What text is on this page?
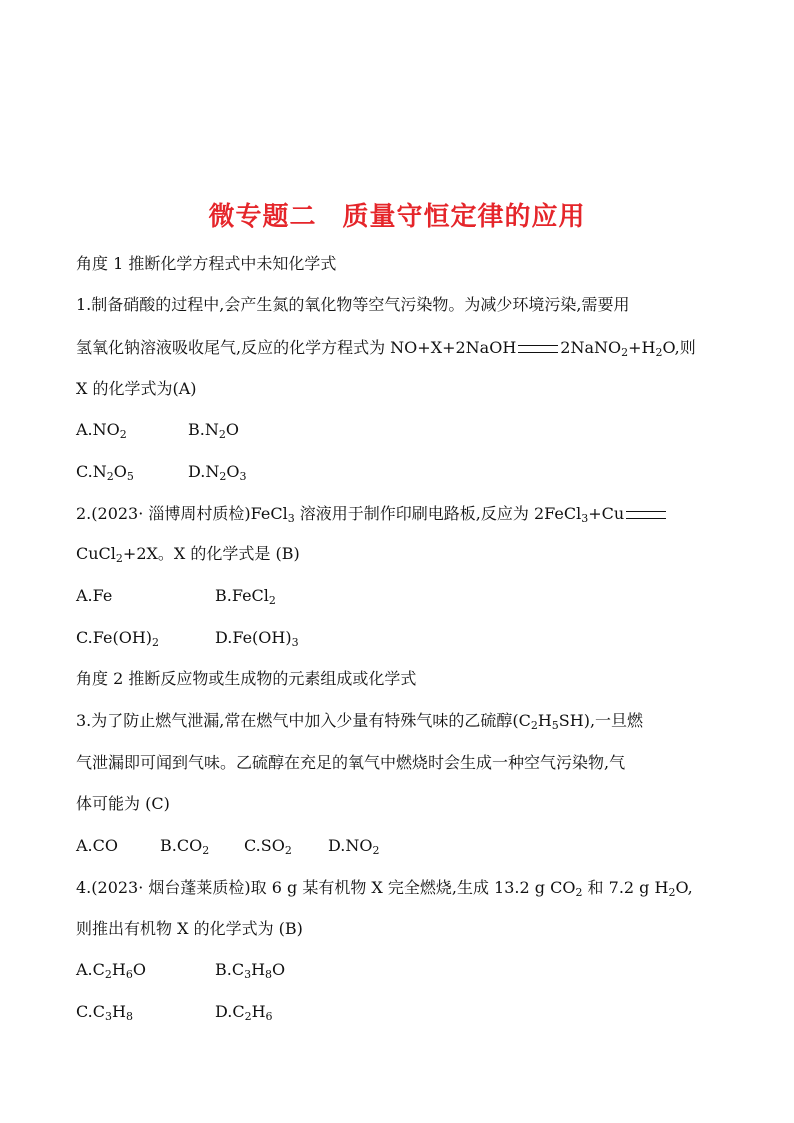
微专题二 质量守恒定律的应用
角度 1 推断化学方程式中未知化学式
1.制备硝酸的过程中,会产生氮的氧化物等空气污染物。为减少环境污染,需要用
氢氧化钠溶液吸收尾气,反应的化学方程式为 NO+X+2NaOH	$2NaNO_2+H_2O$,则
X 的化学式为(A)
$A.NO_2$	$B.N_2O$
$C.N_2O_5$	$D.N_2O_3$
2.(2023· 淄博周村质检)FeCl$_3$ 溶液用于制作印刷电路板,反应为 2FeCl$_3$+Cu
CuCl$_2$+2X。X 的化学式是 (B)
A.Fe	B.FeCl$_2$
$C.Fe(OH)_2$	$D.Fe(OH)_3$
角度 2 推断反应物或生成物的元素组成或化学式
3.为了防止燃气泄漏,常在燃气中加入少量有特殊气味的乙硫醇$(C_2H_5SH)$,一旦燃
气泄漏即可闻到气味。乙硫醇在充足的氧气中燃烧时会生成一种空气污染物,气
体可能为 (C)
A.CO	$B.CO_2$ $C.SO_2$ $D.NO_2$
4.(2023· 烟台蓬莱质检)取 6 g 某有机物 X 完全燃烧,生成 13.2 g $CO_2$ 和 7.2 g $H_2O$,
则推出有机物 X 的化学式为 (B)
$A.C_2H_6O$	$B.C_3H_8O$
$C.C_3H_8$	$D.C_2H_6$
